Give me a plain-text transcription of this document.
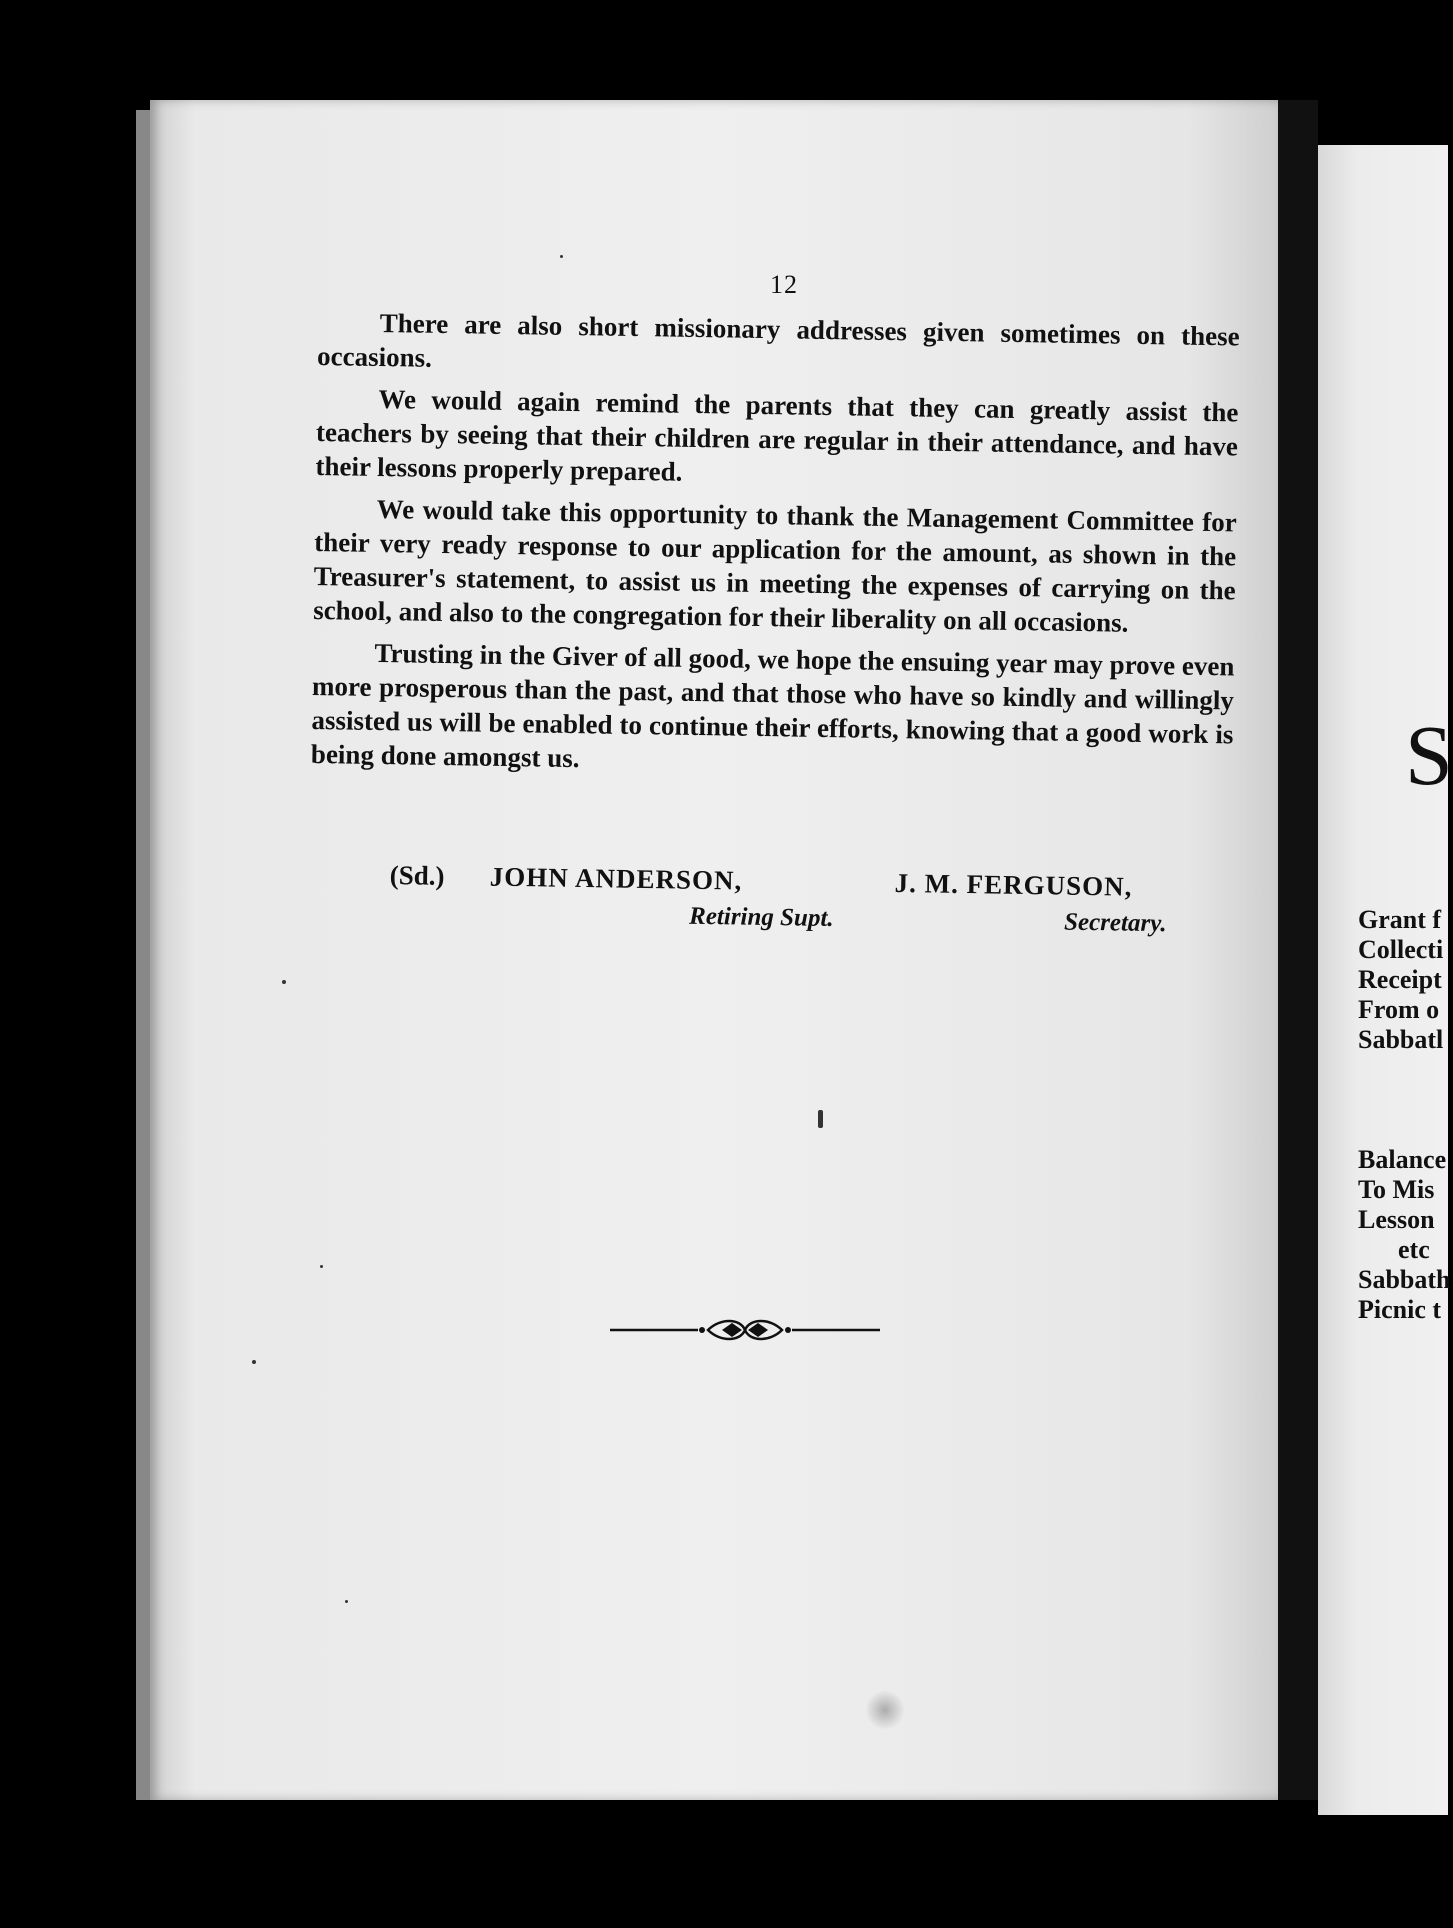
12

There are also short missionary addresses given sometimes on these occasions.

We would again remind the parents that they can greatly assist the teachers by seeing that their children are regular in their attendance, and have their lessons properly prepared.

We would take this opportunity to thank the Management Committee for their very ready response to our application for the amount, as shown in the Treasurer's statement, to assist us in meeting the expenses of carrying on the school, and also to the congregation for their liberality on all occasions.

Trusting in the Giver of all good, we hope the ensuing year may prove even more prosperous than the past, and that those who have so kindly and willingly assisted us will be enabled to continue their efforts, knowing that a good work is being done amongst us.

(Sd.) JOHN ANDERSON,	J. M. FERGUSON,
Retiring Supt.	Secretary.
S
Grant f
Collecti
Receipt
From o
Sabbatl
Balance
To Mis
Lesson
etc
Sabbath
Picnic t
